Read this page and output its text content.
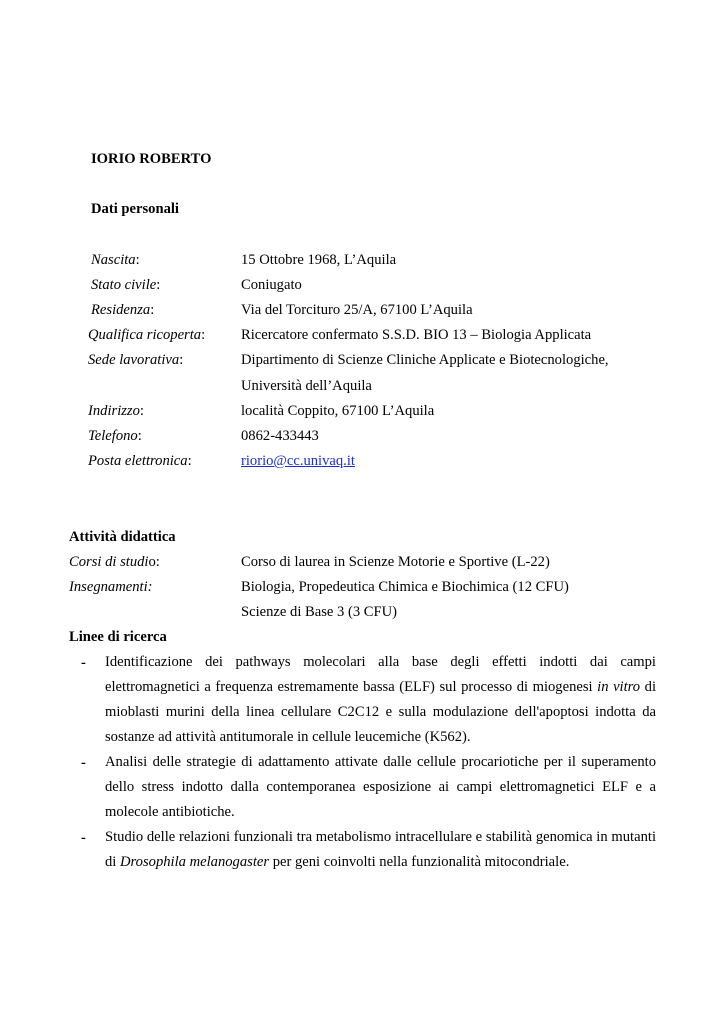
IORIO ROBERTO
Dati personali
Nascita:	15 Ottobre 1968, L’Aquila
Stato civile:	Coniugato
Residenza:	Via del Torcituro 25/A, 67100 L’Aquila
Qualifica ricoperta: Ricercatore confermato S.S.D. BIO 13 – Biologia Applicata
Sede lavorativa:	Dipartimento di Scienze Cliniche Applicate e Biotecnologiche,
Università dell’Aquila
Indirizzo:	località Coppito, 67100 L’Aquila
Telefono:	0862-433443
Posta elettronica:	riorio@cc.univaq.it
Attività didattica
Corsi di studio:	Corso di laurea in Scienze Motorie e Sportive (L-22)
Insegnamenti:	Biologia, Propedeutica Chimica e Biochimica (12 CFU)
Scienze di Base 3 (3 CFU)
Linee di ricerca
- Identificazione dei pathways molecolari alla base degli effetti indotti dai campi elettromagnetici a frequenza estremamente bassa (ELF) sul processo di miogenesi in vitro di mioblasti murini della linea cellulare C2C12 e sulla modulazione dell'apoptosi indotta da sostanze ad attività antitumorale in cellule leucemiche (K562).
- Analisi delle strategie di adattamento attivate dalle cellule procariotiche per il superamento dello stress indotto dalla contemporanea esposizione ai campi elettromagnetici ELF e a molecole antibiotiche.
- Studio delle relazioni funzionali tra metabolismo intracellulare e stabilità genomica in mutanti di Drosophila melanogaster per geni coinvolti nella funzionalità mitocondriale.
